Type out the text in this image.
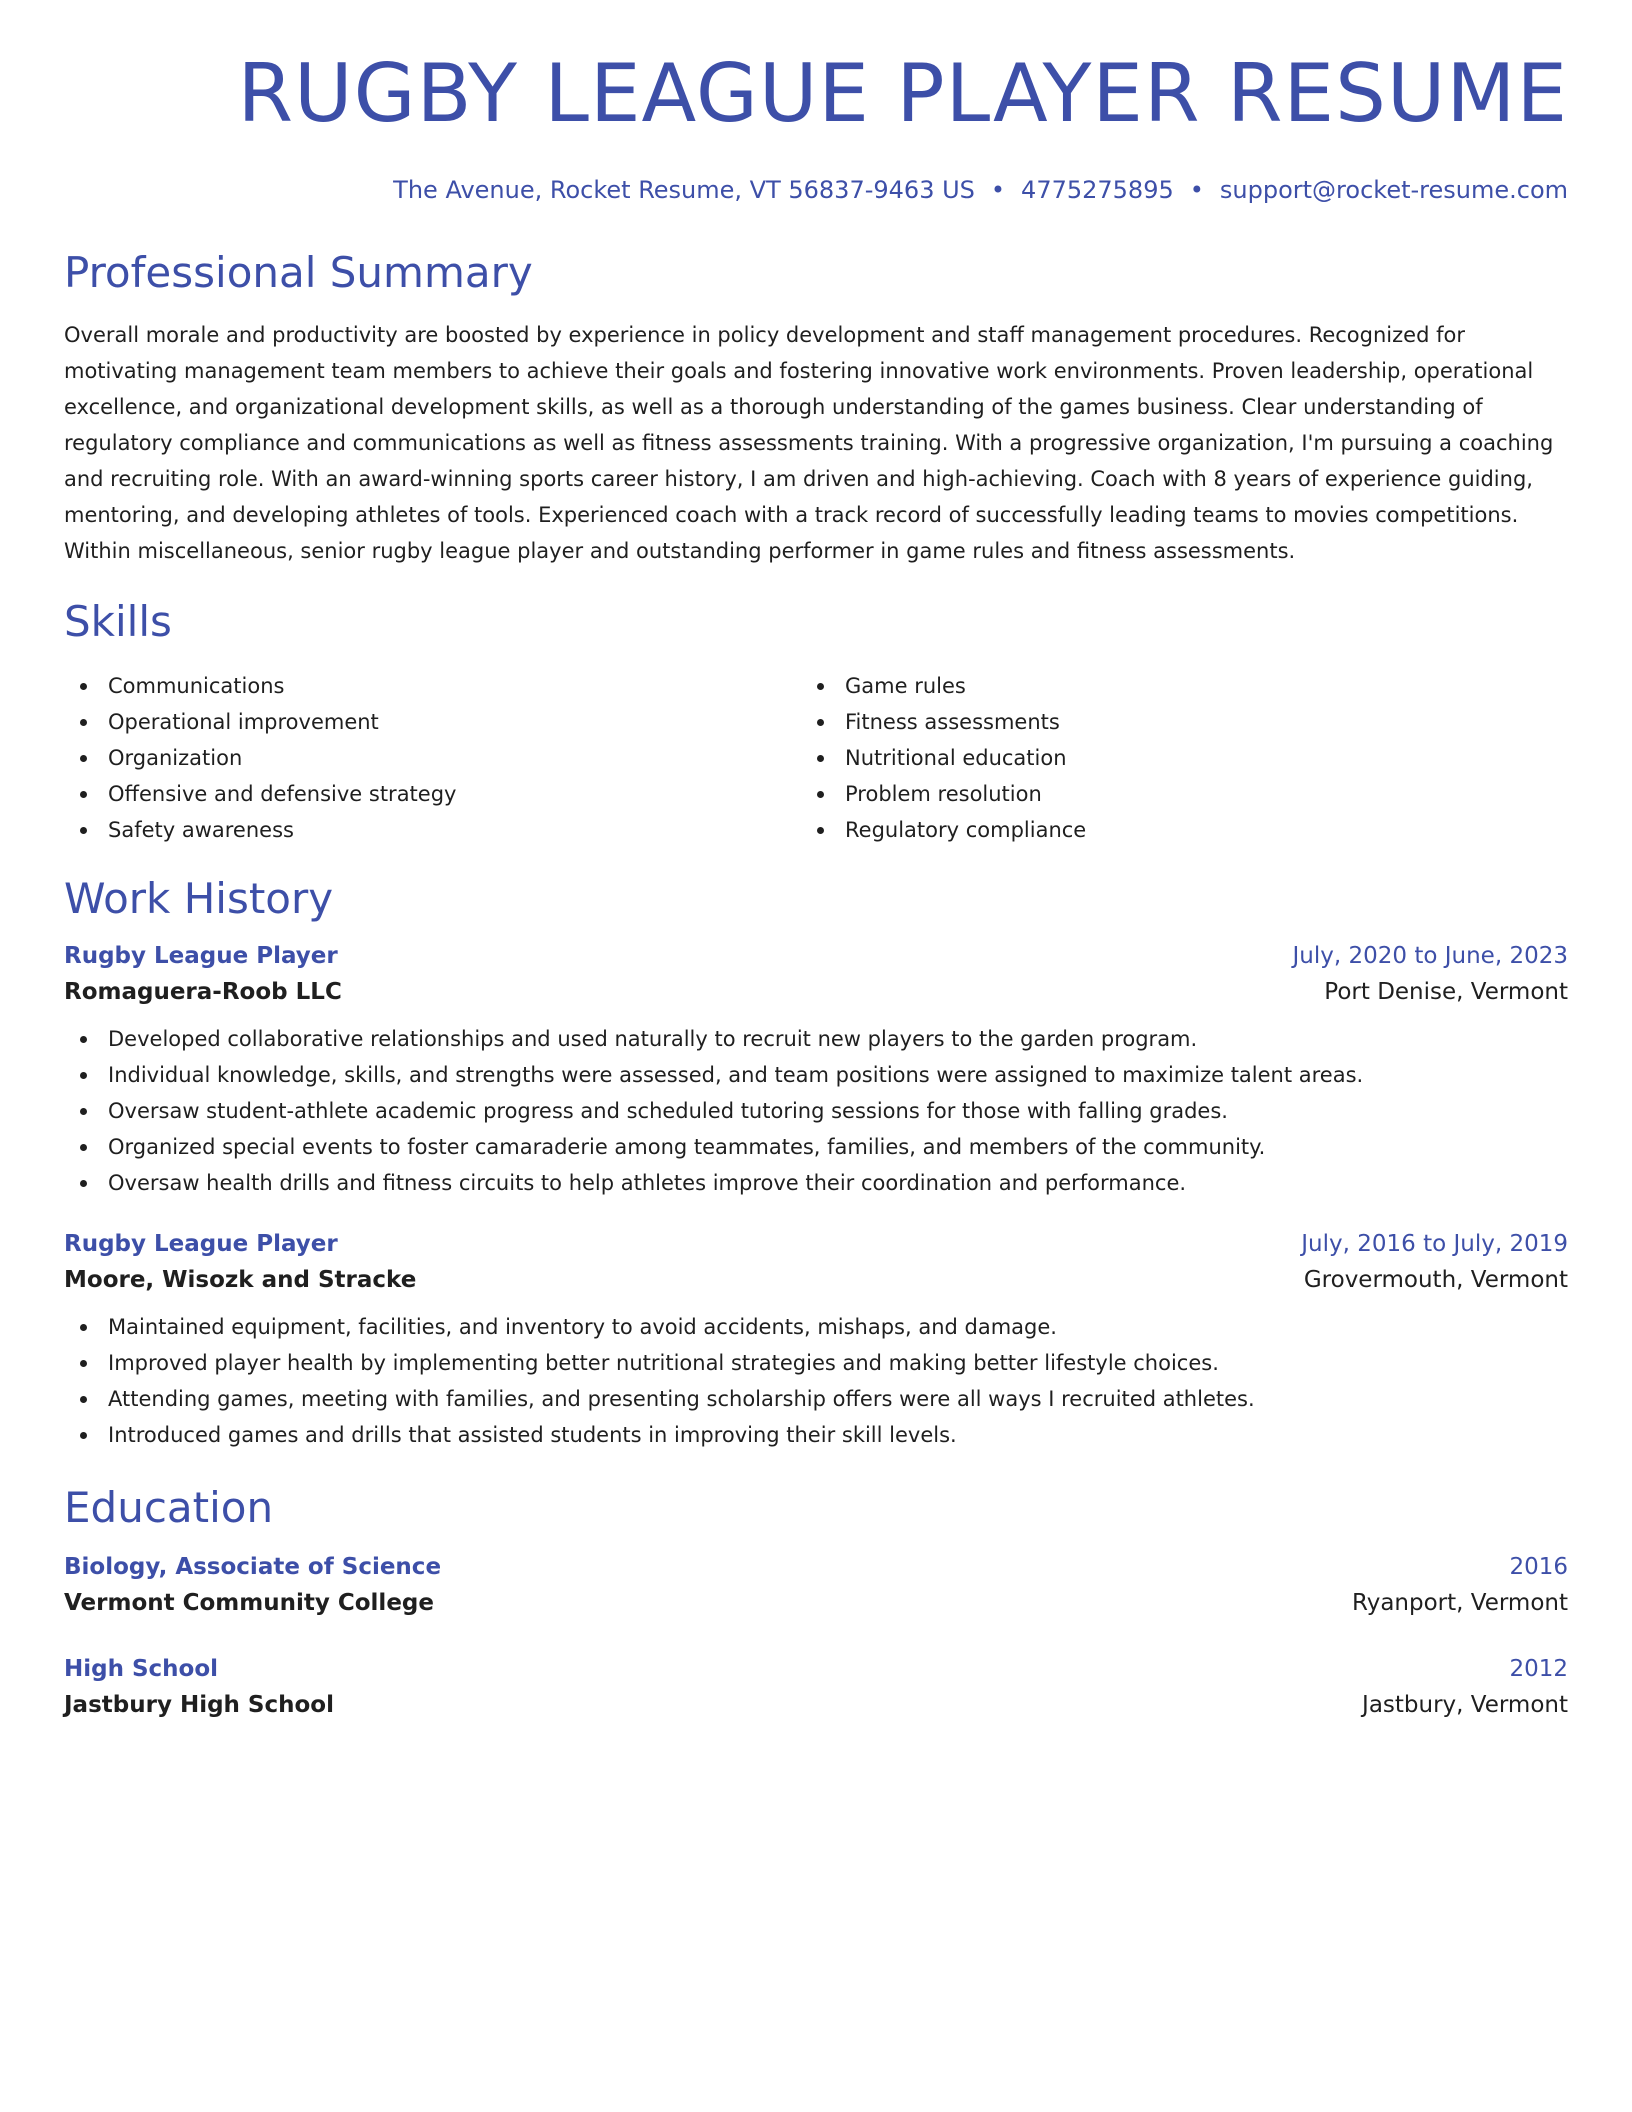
RUGBY LEAGUE PLAYER RESUME
The Avenue, Rocket Resume, VT 56837-9463 US • 4775275895 • support@rocket-resume.com
Professional Summary
Overall morale and productivity are boosted by experience in policy development and staff management procedures. Recognized for motivating management team members to achieve their goals and fostering innovative work environments. Proven leadership, operational excellence, and organizational development skills, as well as a thorough understanding of the games business. Clear understanding of regulatory compliance and communications as well as fitness assessments training. With a progressive organization, I'm pursuing a coaching and recruiting role. With an award-winning sports career history, I am driven and high-achieving. Coach with 8 years of experience guiding, mentoring, and developing athletes of tools. Experienced coach with a track record of successfully leading teams to movies competitions. Within miscellaneous, senior rugby league player and outstanding performer in game rules and fitness assessments.
Skills
Communications
Operational improvement
Organization
Offensive and defensive strategy
Safety awareness
Game rules
Fitness assessments
Nutritional education
Problem resolution
Regulatory compliance
Work History
Rugby League Player	July, 2020 to June, 2023
Romaguera-Roob LLC	Port Denise, Vermont
Developed collaborative relationships and used naturally to recruit new players to the garden program.
Individual knowledge, skills, and strengths were assessed, and team positions were assigned to maximize talent areas.
Oversaw student-athlete academic progress and scheduled tutoring sessions for those with falling grades.
Organized special events to foster camaraderie among teammates, families, and members of the community.
Oversaw health drills and fitness circuits to help athletes improve their coordination and performance.
Rugby League Player	July, 2016 to July, 2019
Moore, Wisozk and Stracke	Grovermouth, Vermont
Maintained equipment, facilities, and inventory to avoid accidents, mishaps, and damage.
Improved player health by implementing better nutritional strategies and making better lifestyle choices.
Attending games, meeting with families, and presenting scholarship offers were all ways I recruited athletes.
Introduced games and drills that assisted students in improving their skill levels.
Education
Biology, Associate of Science	2016
Vermont Community College	Ryanport, Vermont
High School	2012
Jastbury High School	Jastbury, Vermont
